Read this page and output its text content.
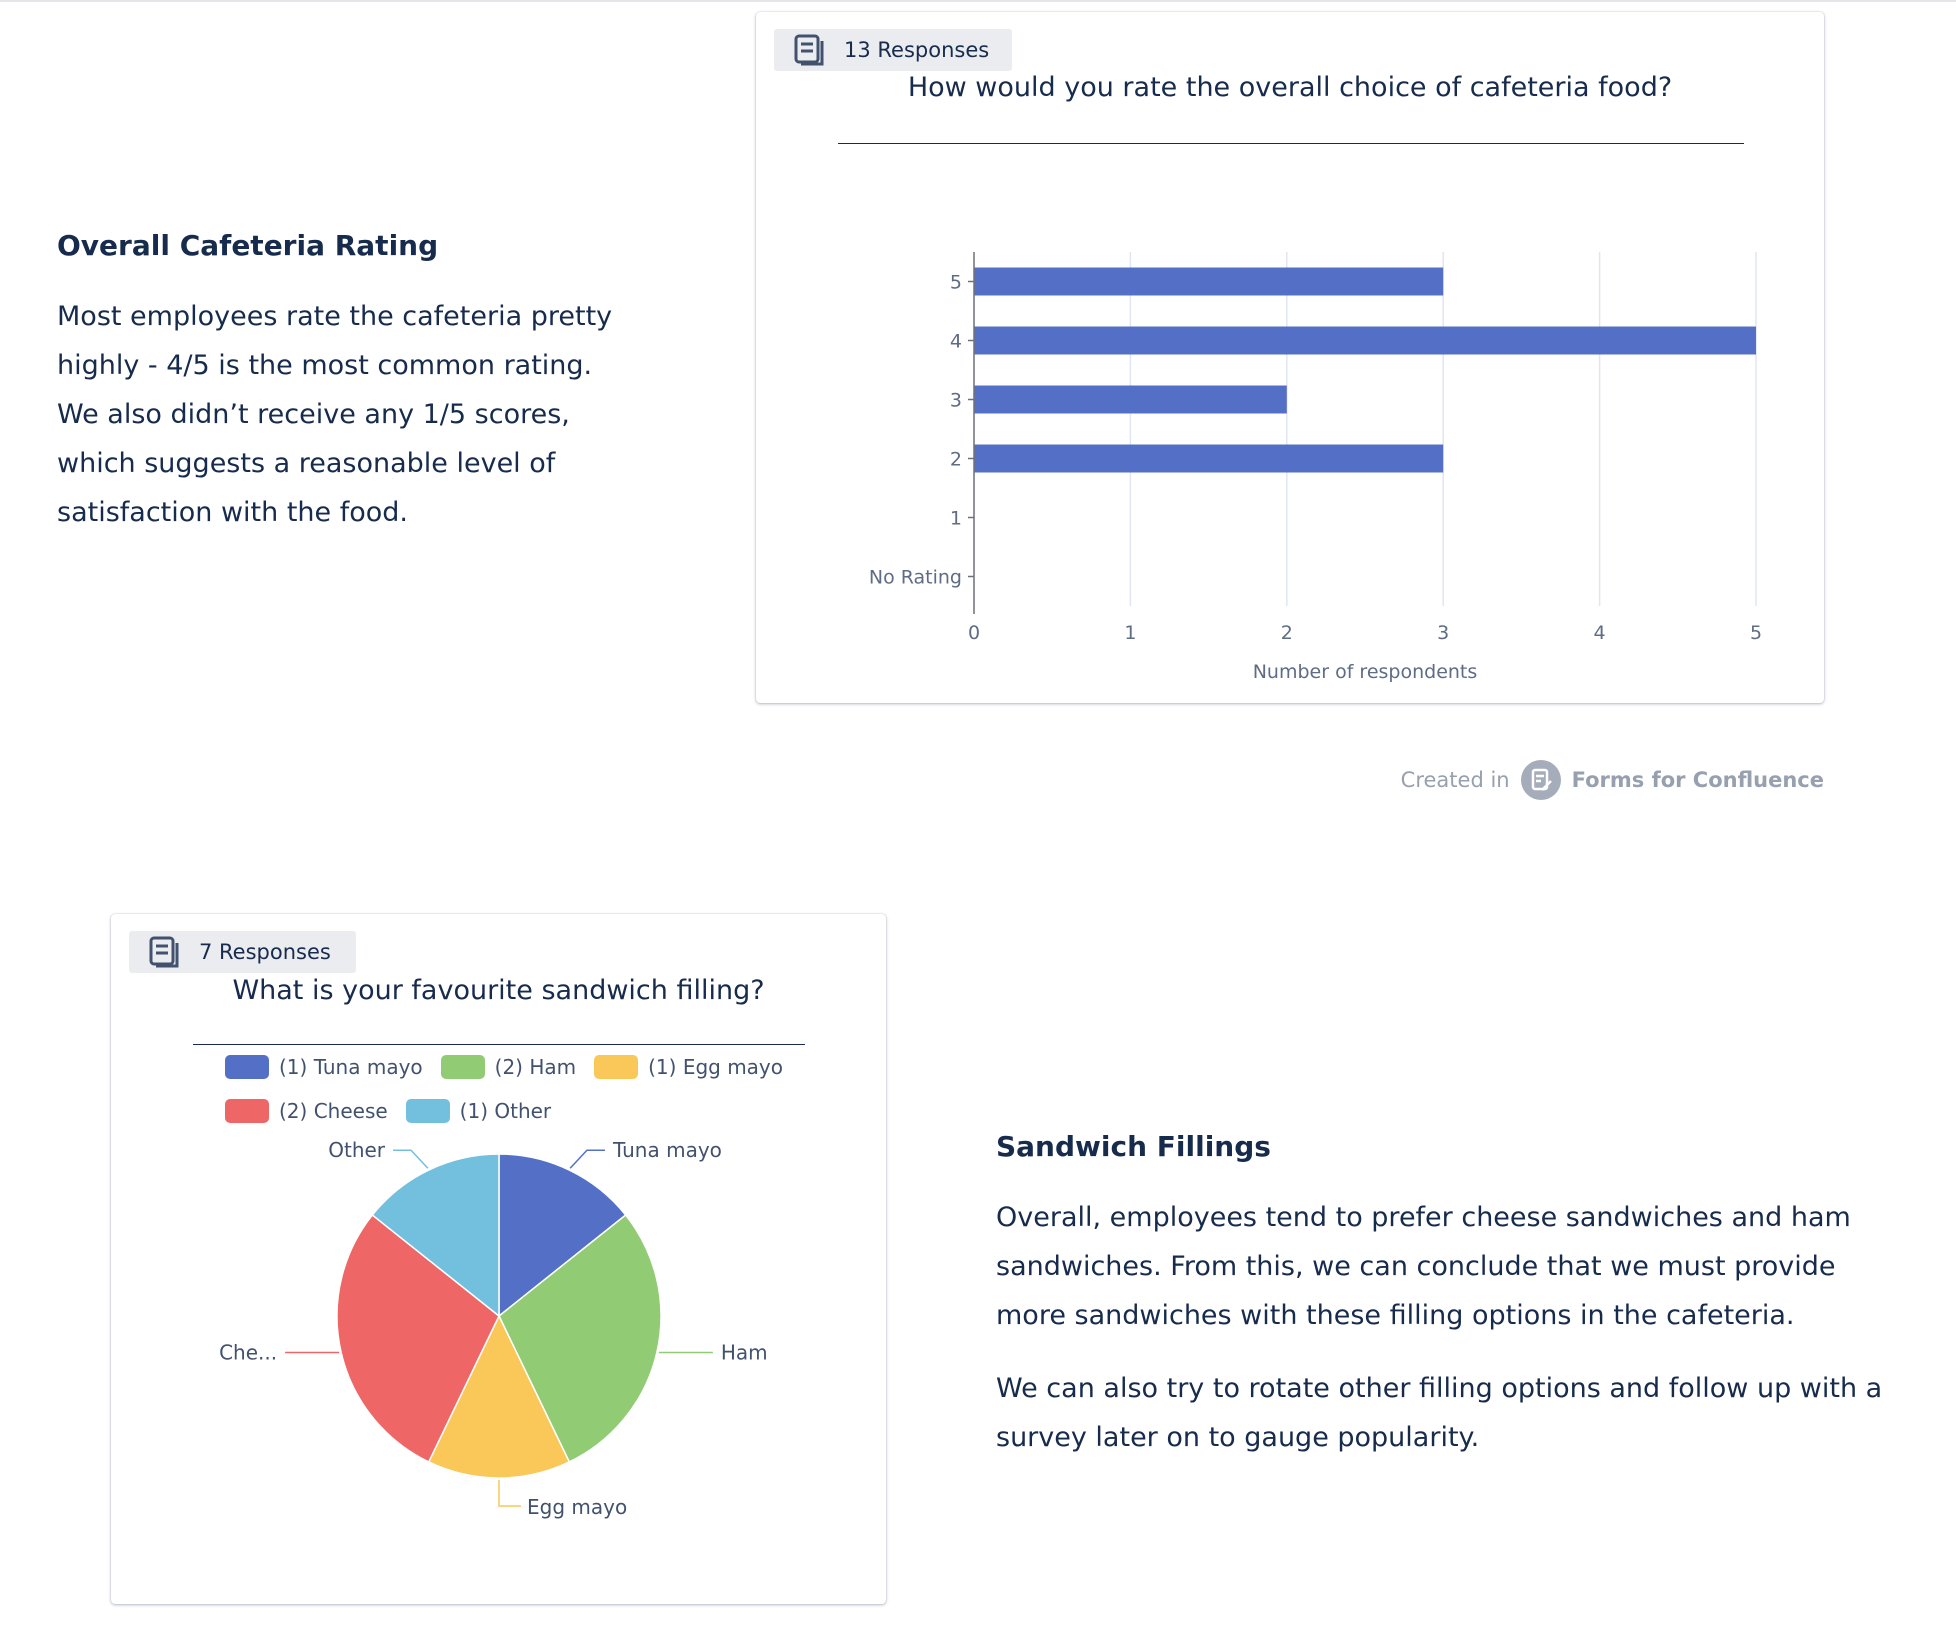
Overall Cafeteria Rating

Most employees rate the cafeteria pretty highly - 4/5 is the most common rating. We also didn’t receive any 1/5 scores, which suggests a reasonable level of satisfaction with the food.

13 Responses

How would you rate the overall choice of cafeteria food?

5
4
3
2
1
No Rating
0	1	2	3	4	5
Number of respondents
Created in	Forms for Confluence
7 Responses

What is your favourite sandwich filling?

(1) Tuna mayo	(2) Ham	(1) Egg mayo
(2) Cheese	(1) Other
Tuna mayo
Ham
Egg mayo
Che...
Other	Sandwich Fillings

Overall, employees tend to prefer cheese sandwiches and ham sandwiches. From this, we can conclude that we must provide more sandwiches with these filling options in the cafeteria.

We can also try to rotate other filling options and follow up with a survey later on to gauge popularity.
